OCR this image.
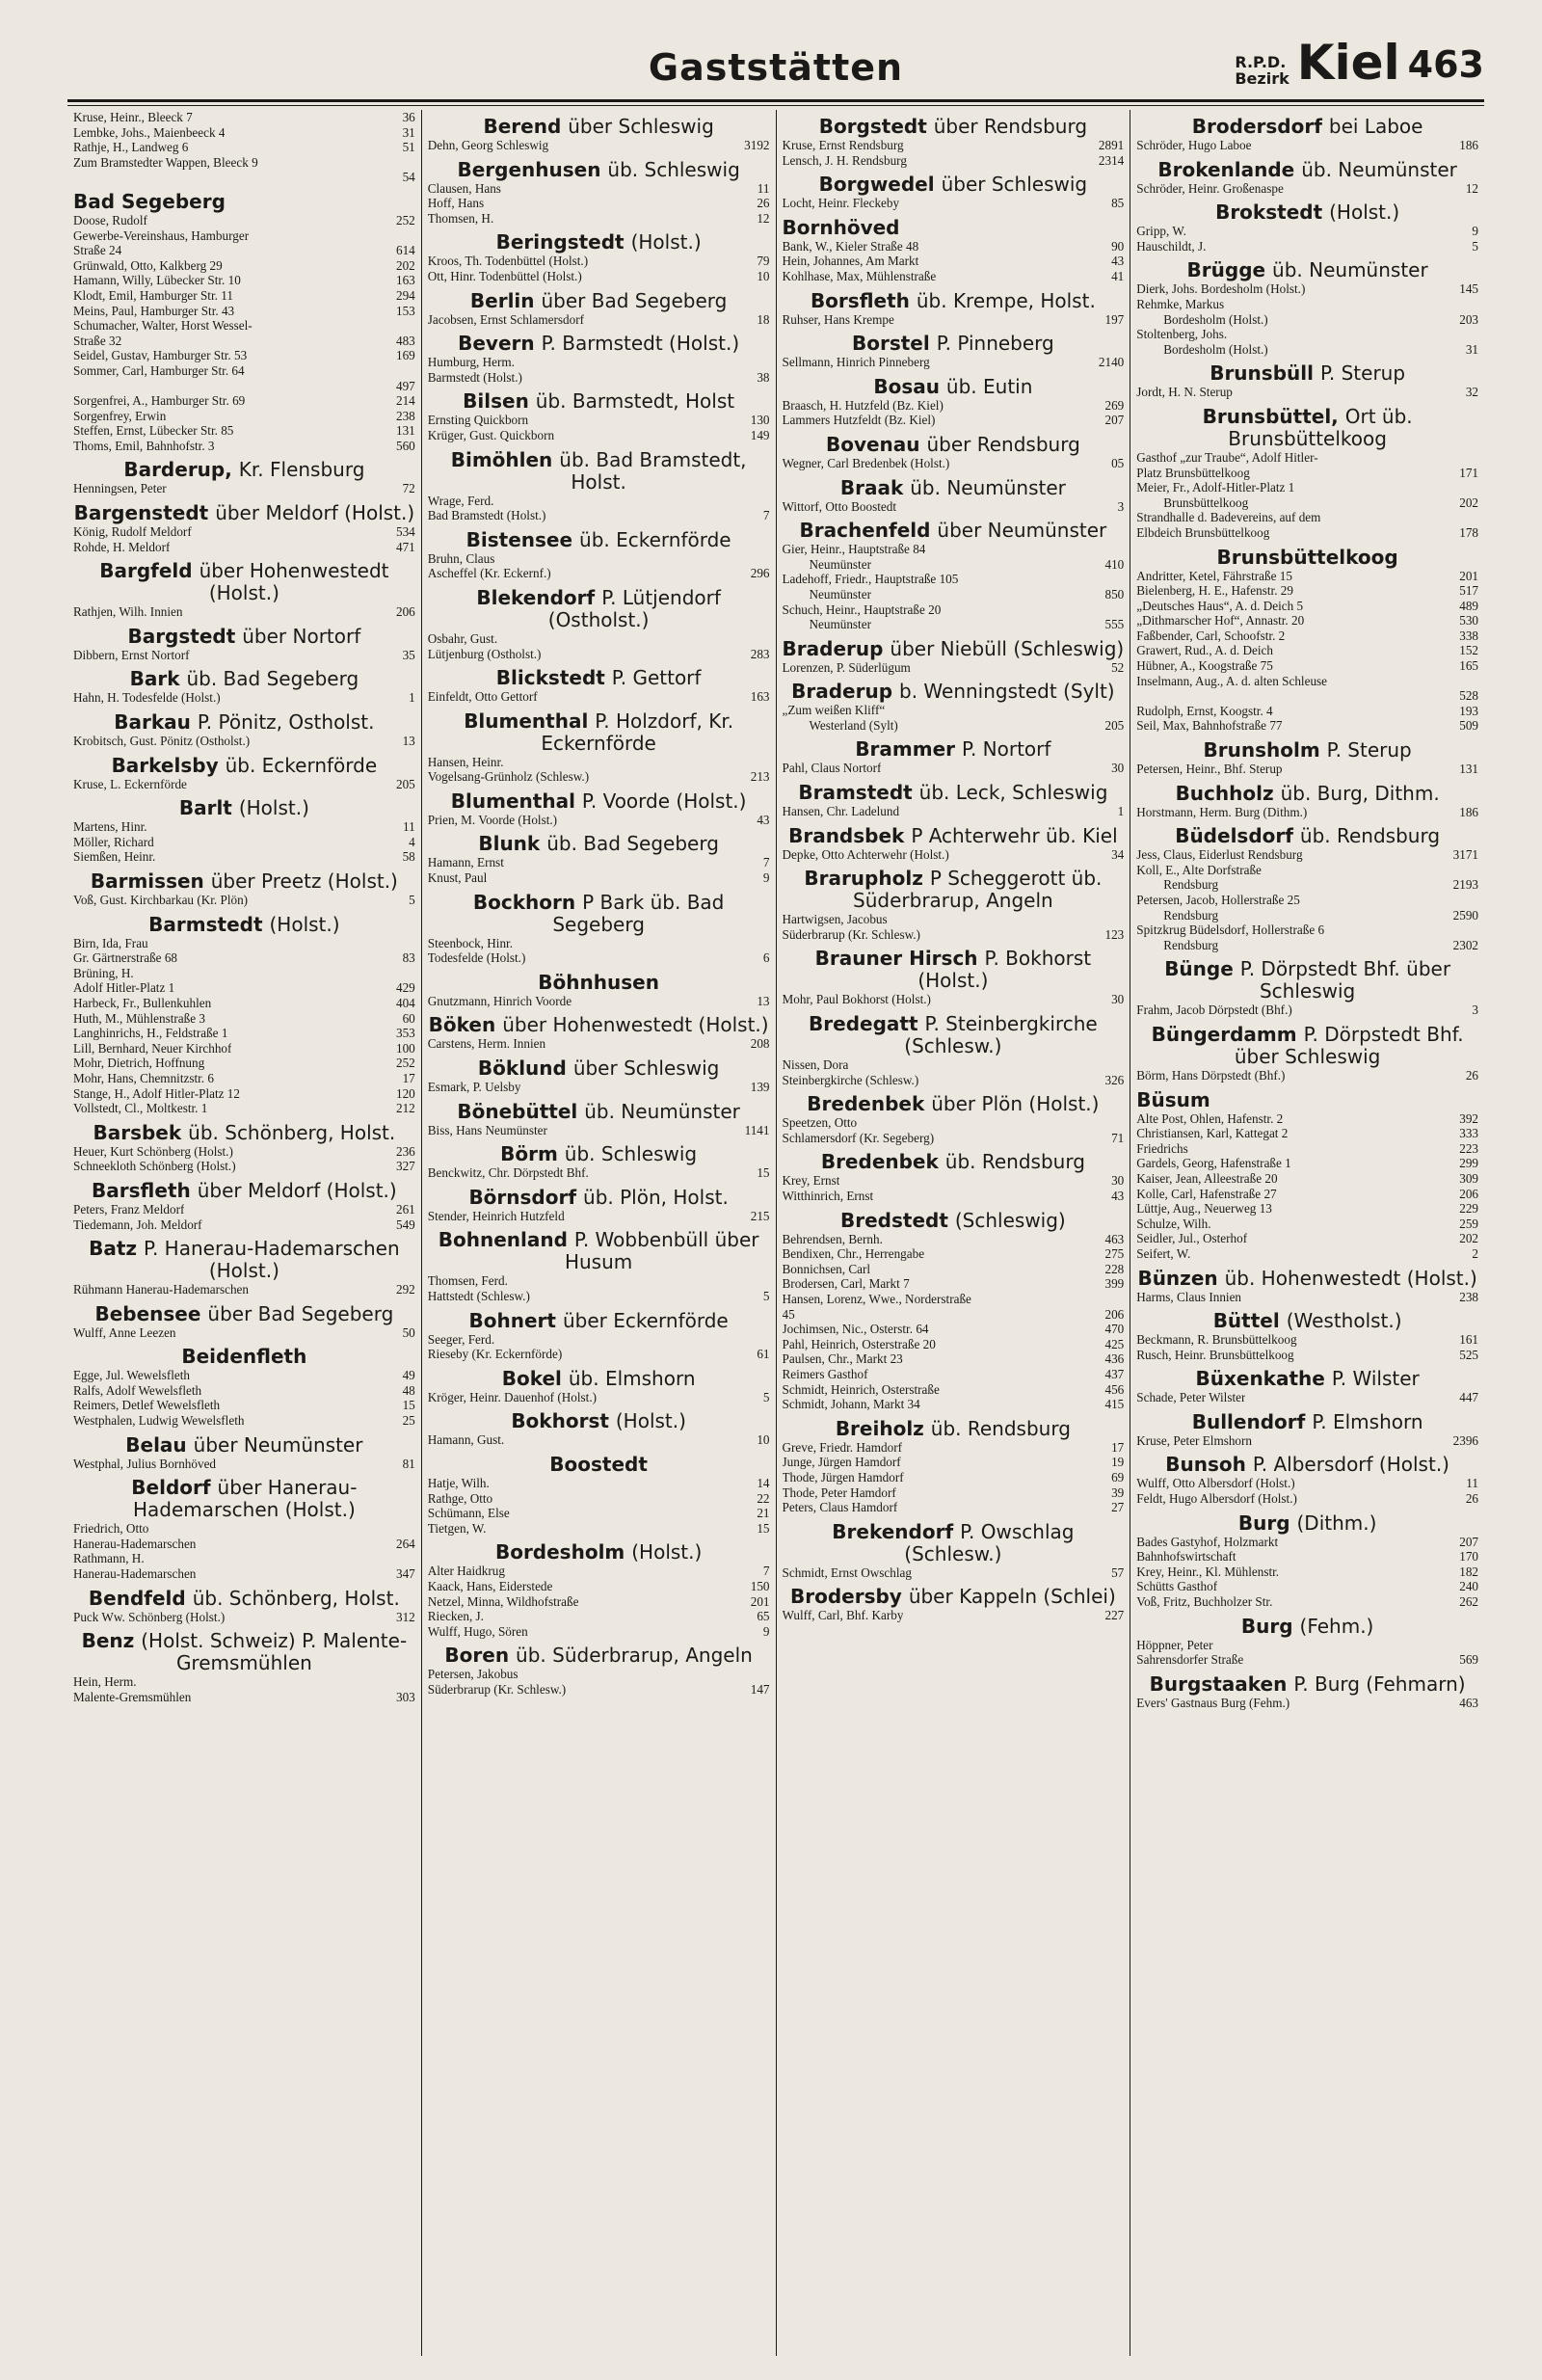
Gaststätten	R.P.D.
Bezirk Kiel 463
Kruse, Heinr., Bleeck 7	36
Lembke, Johs., Maienbeeck 4	31
Rathje, H., Landweg 6	51
Zum Bramstedter Wappen, Bleeck 9
54
Bad Segeberg
Doose, Rudolf	252
Gewerbe-Vereinshaus, Hamburger
Straße 24	614
Grünwald, Otto, Kalkberg 29	202
Hamann, Willy, Lübecker Str. 10	163
Klodt, Emil, Hamburger Str. 11	294
Meins, Paul, Hamburger Str. 43	153
Schumacher, Walter, Horst Wessel-
Straße 32	483
Seidel, Gustav, Hamburger Str. 53	169
Sommer, Carl, Hamburger Str. 64
497
Sorgenfrei, A., Hamburger Str. 69	214
Sorgenfrey, Erwin	238
Steffen, Ernst, Lübecker Str. 85	131
Thoms, Emil, Bahnhofstr. 3	560
Barderup, Kr. Flensburg
Henningsen, Peter	72
Bargenstedt über Meldorf (Holst.)
König, Rudolf Meldorf	534
Rohde, H. Meldorf	471
Bargfeld über Hohenwestedt (Holst.)
Rathjen, Wilh. Innien	206
Bargstedt über Nortorf
Dibbern, Ernst Nortorf	35
Bark üb. Bad Segeberg
Hahn, H. Todesfelde (Holst.)	1
Barkau P. Pönitz, Ostholst.
Krobitsch, Gust. Pönitz (Ostholst.)	13
Barkelsby üb. Eckernförde
Kruse, L. Eckernförde	205
Barlt (Holst.)
Martens, Hinr.	11
Möller, Richard	4
Siemßen, Heinr.	58
Barmissen über Preetz (Holst.)
Voß, Gust. Kirchbarkau (Kr. Plön)	5
Barmstedt (Holst.)
Birn, Ida, Frau
Gr. Gärtnerstraße 68	83
Brüning, H.
Adolf Hitler-Platz 1	429
Harbeck, Fr., Bullenkuhlen	404
Huth, M., Mühlenstraße 3	60
Langhinrichs, H., Feldstraße 1	353
Lill, Bernhard, Neuer Kirchhof	100
Mohr, Dietrich, Hoffnung	252
Mohr, Hans, Chemnitzstr. 6	17
Stange, H., Adolf Hitler-Platz 12	120
Vollstedt, Cl., Moltkestr. 1	212
Barsbek üb. Schönberg, Holst.
Heuer, Kurt Schönberg (Holst.)	236
Schneekloth Schönberg (Holst.)	327
Barsfleth über Meldorf (Holst.)
Peters, Franz Meldorf	261
Tiedemann, Joh. Meldorf	549
Batz P. Hanerau-Hademarschen (Holst.)
Rühmann Hanerau-Hademarschen	292
Bebensee über Bad Segeberg
Wulff, Anne Leezen	50
Beidenfleth
Egge, Jul. Wewelsfleth	49
Ralfs, Adolf Wewelsfleth	48
Reimers, Detlef Wewelsfleth	15
Westphalen, Ludwig Wewelsfleth	25
Belau über Neumünster
Westphal, Julius Bornhöved	81
Beldorf über Hanerau-Hademarschen (Holst.)
Friedrich, Otto
Hanerau-Hademarschen	264
Rathmann, H.
Hanerau-Hademarschen	347
Bendfeld üb. Schönberg, Holst.
Puck Ww. Schönberg (Holst.)	312
Benz (Holst. Schweiz) P. Malente-Gremsmühlen
Hein, Herm.
Malente-Gremsmühlen	303
Berend über Schleswig
Dehn, Georg Schleswig	3192
Bergenhusen üb. Schleswig
Clausen, Hans	11
Hoff, Hans	26
Thomsen, H.	12
Beringstedt (Holst.)
Kroos, Th. Todenbüttel (Holst.)	79
Ott, Hinr. Todenbüttel (Holst.)	10
Berlin über Bad Segeberg
Jacobsen, Ernst Schlamersdorf	18
Bevern P. Barmstedt (Holst.)
Humburg, Herm.
Barmstedt (Holst.)	38
Bilsen üb. Barmstedt, Holst
Ernsting Quickborn	130
Krüger, Gust. Quickborn	149
Bimöhlen üb. Bad Bramstedt, Holst.
Wrage, Ferd.
Bad Bramstedt (Holst.)	7
Bistensee üb. Eckernförde
Bruhn, Claus
Ascheffel (Kr. Eckernf.)	296
Blekendorf P. Lütjendorf (Ostholst.)
Osbahr, Gust.
Lütjenburg (Ostholst.)	283
Blickstedt P. Gettorf
Einfeldt, Otto Gettorf	163
Blumenthal P. Holzdorf, Kr. Eckernförde
Hansen, Heinr.
Vogelsang-Grünholz (Schlesw.)	213
Blumenthal P. Voorde (Holst.)
Prien, M. Voorde (Holst.)	43
Blunk üb. Bad Segeberg
Hamann, Ernst	7
Knust, Paul	9
Bockhorn P Bark üb. Bad Segeberg
Steenbock, Hinr.
Todesfelde (Holst.)	6
Böhnhusen
Gnutzmann, Hinrich Voorde	13
Böken über Hohenwestedt (Holst.)
Carstens, Herm. Innien	208
Böklund über Schleswig
Esmark, P. Uelsby	139
Bönebüttel üb. Neumünster
Biss, Hans Neumünster	1141
Börm üb. Schleswig
Benckwitz, Chr. Dörpstedt Bhf.	15
Börnsdorf üb. Plön, Holst.
Stender, Heinrich Hutzfeld	215
Bohnenland P. Wobbenbüll über Husum
Thomsen, Ferd.
Hattstedt (Schlesw.)	5
Bohnert über Eckernförde
Seeger, Ferd.
Rieseby (Kr. Eckernförde)	61
Bokel üb. Elmshorn
Kröger, Heinr. Dauenhof (Holst.)	5
Bokhorst (Holst.)
Hamann, Gust.	10
Boostedt
Hatje, Wilh.	14
Rathge, Otto	22
Schümann, Else	21
Tietgen, W.	15
Bordesholm (Holst.)
Alter Haidkrug	7
Kaack, Hans, Eiderstede	150
Netzel, Minna, Wildhofstraße	201
Riecken, J.	65
Wulff, Hugo, Sören	9
Boren üb. Süderbrarup, Angeln
Petersen, Jakobus
Süderbrarup (Kr. Schlesw.)	147
Borgstedt über Rendsburg
Kruse, Ernst Rendsburg	2891
Lensch, J. H. Rendsburg	2314
Borgwedel über Schleswig
Locht, Heinr. Fleckeby	85
Bornhöved
Bank, W., Kieler Straße 48	90
Hein, Johannes, Am Markt	43
Kohlhase, Max, Mühlenstraße	41
Borsfleth üb. Krempe, Holst.
Ruhser, Hans Krempe	197
Borstel P. Pinneberg
Sellmann, Hinrich Pinneberg	2140
Bosau üb. Eutin
Braasch, H. Hutzfeld (Bz. Kiel)	269
Lammers Hutzfeldt (Bz. Kiel)	207
Bovenau über Rendsburg
Wegner, Carl Bredenbek (Holst.)	05
Braak üb. Neumünster
Wittorf, Otto Boostedt	3
Brachenfeld über Neumünster
Gier, Heinr., Hauptstraße 84
Neumünster	410
Ladehoff, Friedr., Hauptstraße 105
Neumünster	850
Schuch, Heinr., Hauptstraße 20
Neumünster	555
Braderup über Niebüll (Schleswig)
Lorenzen, P. Süderlügum	52
Braderup b. Wenningstedt (Sylt)
„Zum weißen Kliff“
Westerland (Sylt)	205
Brammer P. Nortorf
Pahl, Claus Nortorf	30
Bramstedt üb. Leck, Schleswig
Hansen, Chr. Ladelund	1
Brandsbek P Achterwehr üb. Kiel
Depke, Otto Achterwehr (Holst.)	34
Brarupholz P Scheggerott üb. Süderbrarup, Angeln
Hartwigsen, Jacobus
Süderbrarup (Kr. Schlesw.)	123
Brauner Hirsch P. Bokhorst (Holst.)
Mohr, Paul Bokhorst (Holst.)	30
Bredegatt P. Steinbergkirche (Schlesw.)
Nissen, Dora
Steinbergkirche (Schlesw.)	326
Bredenbek über Plön (Holst.)
Speetzen, Otto
Schlamersdorf (Kr. Segeberg)	71
Bredenbek üb. Rendsburg
Krey, Ernst	30
Witthinrich, Ernst	43
Bredstedt (Schleswig)
Behrendsen, Bernh.	463
Bendixen, Chr., Herrengabe	275
Bonnichsen, Carl	228
Brodersen, Carl, Markt 7	399
Hansen, Lorenz, Wwe., Norderstraße
45	206
Jochimsen, Nic., Osterstr. 64	470
Pahl, Heinrich, Osterstraße 20	425
Paulsen, Chr., Markt 23	436
Reimers Gasthof	437
Schmidt, Heinrich, Osterstraße	456
Schmidt, Johann, Markt 34	415
Breiholz üb. Rendsburg
Greve, Friedr. Hamdorf	17
Junge, Jürgen Hamdorf	19
Thode, Jürgen Hamdorf	69
Thode, Peter Hamdorf	39
Peters, Claus Hamdorf	27
Brekendorf P. Owschlag (Schlesw.)
Schmidt, Ernst Owschlag	57
Brodersby über Kappeln (Schlei)
Wulff, Carl, Bhf. Karby	227
Brodersdorf bei Laboe
Schröder, Hugo Laboe	186
Brokenlande üb. Neumünster
Schröder, Heinr. Großenaspe	12
Brokstedt (Holst.)
Gripp, W.	9
Hauschildt, J.	5
Brügge üb. Neumünster
Dierk, Johs. Bordesholm (Holst.)	145
Rehmke, Markus
Bordesholm (Holst.)	203
Stoltenberg, Johs.
Bordesholm (Holst.)	31
Brunsbüll P. Sterup
Jordt, H. N. Sterup	32
Brunsbüttel, Ort üb. Brunsbüttelkoog
Gasthof „zur Traube“, Adolf Hitler-
Platz Brunsbüttelkoog	171
Meier, Fr., Adolf-Hitler-Platz 1
Brunsbüttelkoog	202
Strandhalle d. Badevereins, auf dem
Elbdeich Brunsbüttelkoog	178
Brunsbüttelkoog
Andritter, Ketel, Fährstraße 15	201
Bielenberg, H. E., Hafenstr. 29	517
„Deutsches Haus“, A. d. Deich 5	489
„Dithmarscher Hof“, Annastr. 20	530
Faßbender, Carl, Schoofstr. 2	338
Grawert, Rud., A. d. Deich	152
Hübner, A., Koogstraße 75	165
Inselmann, Aug., A. d. alten Schleuse
528
Rudolph, Ernst, Koogstr. 4	193
Seil, Max, Bahnhofstraße 77	509
Brunsholm P. Sterup
Petersen, Heinr., Bhf. Sterup	131
Buchholz üb. Burg, Dithm.
Horstmann, Herm. Burg (Dithm.)	186
Büdelsdorf üb. Rendsburg
Jess, Claus, Eiderlust Rendsburg	3171
Koll, E., Alte Dorfstraße
Rendsburg	2193
Petersen, Jacob, Hollerstraße 25
Rendsburg	2590
Spitzkrug Büdelsdorf, Hollerstraße 6
Rendsburg	2302
Bünge P. Dörpstedt Bhf. über Schleswig
Frahm, Jacob Dörpstedt (Bhf.)	3
Büngerdamm P. Dörpstedt Bhf. über Schleswig
Börm, Hans Dörpstedt (Bhf.)	26
Büsum
Alte Post, Ohlen, Hafenstr. 2	392
Christiansen, Karl, Kattegat 2	333
Friedrichs	223
Gardels, Georg, Hafenstraße 1	299
Kaiser, Jean, Alleestraße 20	309
Kolle, Carl, Hafenstraße 27	206
Lüttje, Aug., Neuerweg 13	229
Schulze, Wilh.	259
Seidler, Jul., Osterhof	202
Seifert, W.	2
Bünzen üb. Hohenwestedt (Holst.)
Harms, Claus Innien	238
Büttel (Westholst.)
Beckmann, R. Brunsbüttelkoog	161
Rusch, Heinr. Brunsbüttelkoog	525
Büxenkathe P. Wilster
Schade, Peter Wilster	447
Bullendorf P. Elmshorn
Kruse, Peter Elmshorn	2396
Bunsoh P. Albersdorf (Holst.)
Wulff, Otto Albersdorf (Holst.)	11
Feldt, Hugo Albersdorf (Holst.)	26
Burg (Dithm.)
Bades Gastyhof, Holzmarkt	207
Bahnhofswirtschaft	170
Krey, Heinr., Kl. Mühlenstr.	182
Schütts Gasthof	240
Voß, Fritz, Buchholzer Str.	262
Burg (Fehm.)
Höppner, Peter
Sahrensdorfer Straße	569
Burgstaaken P. Burg (Fehmarn)
Evers' Gastnaus Burg (Fehm.)	463
